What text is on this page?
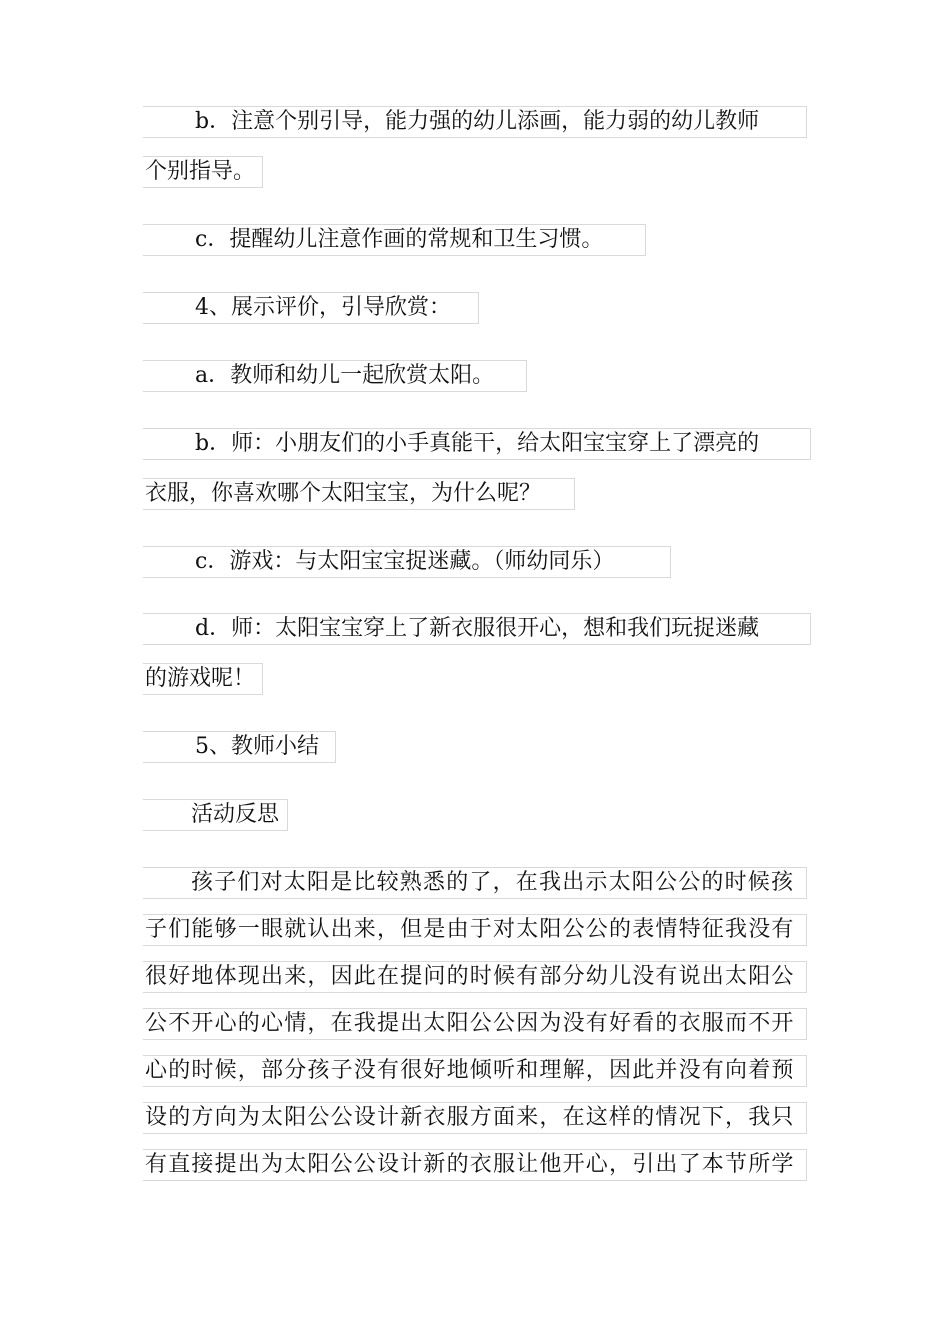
b．注意个别引导，能力强的幼儿添画，能力弱的幼儿教师
个别指导。
c．提醒幼儿注意作画的常规和卫生习惯。
4、展示评价，引导欣赏：
a．教师和幼儿一起欣赏太阳。
b．师：小朋友们的小手真能干，给太阳宝宝穿上了漂亮的
衣服，你喜欢哪个太阳宝宝，为什么呢？
c．游戏：与太阳宝宝捉迷藏。（师幼同乐）
d．师：太阳宝宝穿上了新衣服很开心，想和我们玩捉迷藏
的游戏呢！
5、教师小结
活动反思
孩子们对太阳是比较熟悉的了，在我出示太阳公公的时候孩
子们能够一眼就认出来，但是由于对太阳公公的表情特征我没有
很好地体现出来，因此在提问的时候有部分幼儿没有说出太阳公
公不开心的心情，在我提出太阳公公因为没有好看的衣服而不开
心的时候，部分孩子没有很好地倾听和理解，因此并没有向着预
设的方向为太阳公公设计新衣服方面来，在这样的情况下，我只
有直接提出为太阳公公设计新的衣服让他开心，引出了本节所学
